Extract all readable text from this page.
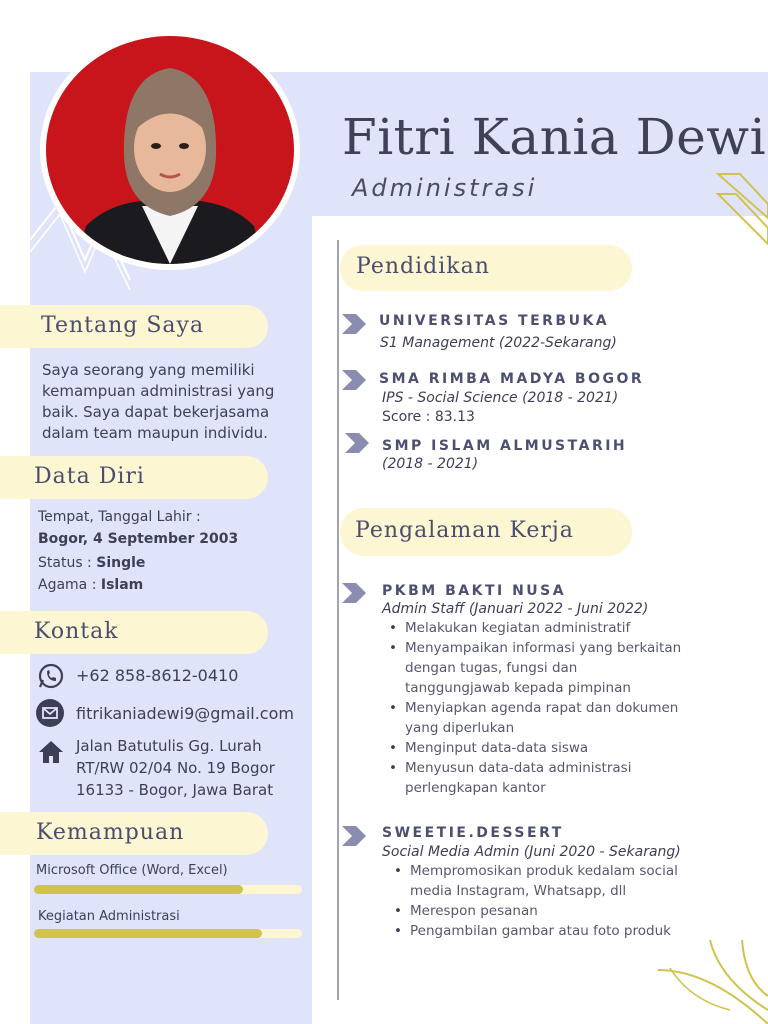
Fitri Kania Dewi
Administrasi
Tentang Saya
Saya seorang yang memiliki
kemampuan administrasi yang
baik. Saya dapat bekerjasama
dalam team maupun individu.
Data Diri
Tempat, Tanggal Lahir :
Bogor, 4 September 2003
Status : Single
Agama : Islam
Kontak
+62 858-8612-0410
fitrikaniadewi9@gmail.com
Jalan Batutulis Gg. Lurah
RT/RW 02/04 No. 19 Bogor
16133 - Bogor, Jawa Barat
Kemampuan
Microsoft Office (Word, Excel)
Kegiatan Administrasi
Pendidikan
UNIVERSITAS TERBUKA
S1 Management (2022-Sekarang)
SMA RIMBA MADYA BOGOR
IPS - Social Science (2018 - 2021)
Score : 83.13
SMP ISLAM ALMUSTARIH
(2018 - 2021)
Pengalaman Kerja
PKBM BAKTI NUSA
Admin Staff (Januari 2022 - Juni 2022)
• Melakukan kegiatan administratif
• Menyampaikan informasi yang berkaitan
dengan tugas, fungsi dan
tanggungjawab kepada pimpinan
• Menyiapkan agenda rapat dan dokumen
yang diperlukan
• Menginput data-data siswa
• Menyusun data-data administrasi
perlengkapan kantor
SWEETIE.DESSERT
Social Media Admin (Juni 2020 - Sekarang)
• Mempromosikan produk kedalam social
media Instagram, Whatsapp, dll
• Merespon pesanan
• Pengambilan gambar atau foto produk
